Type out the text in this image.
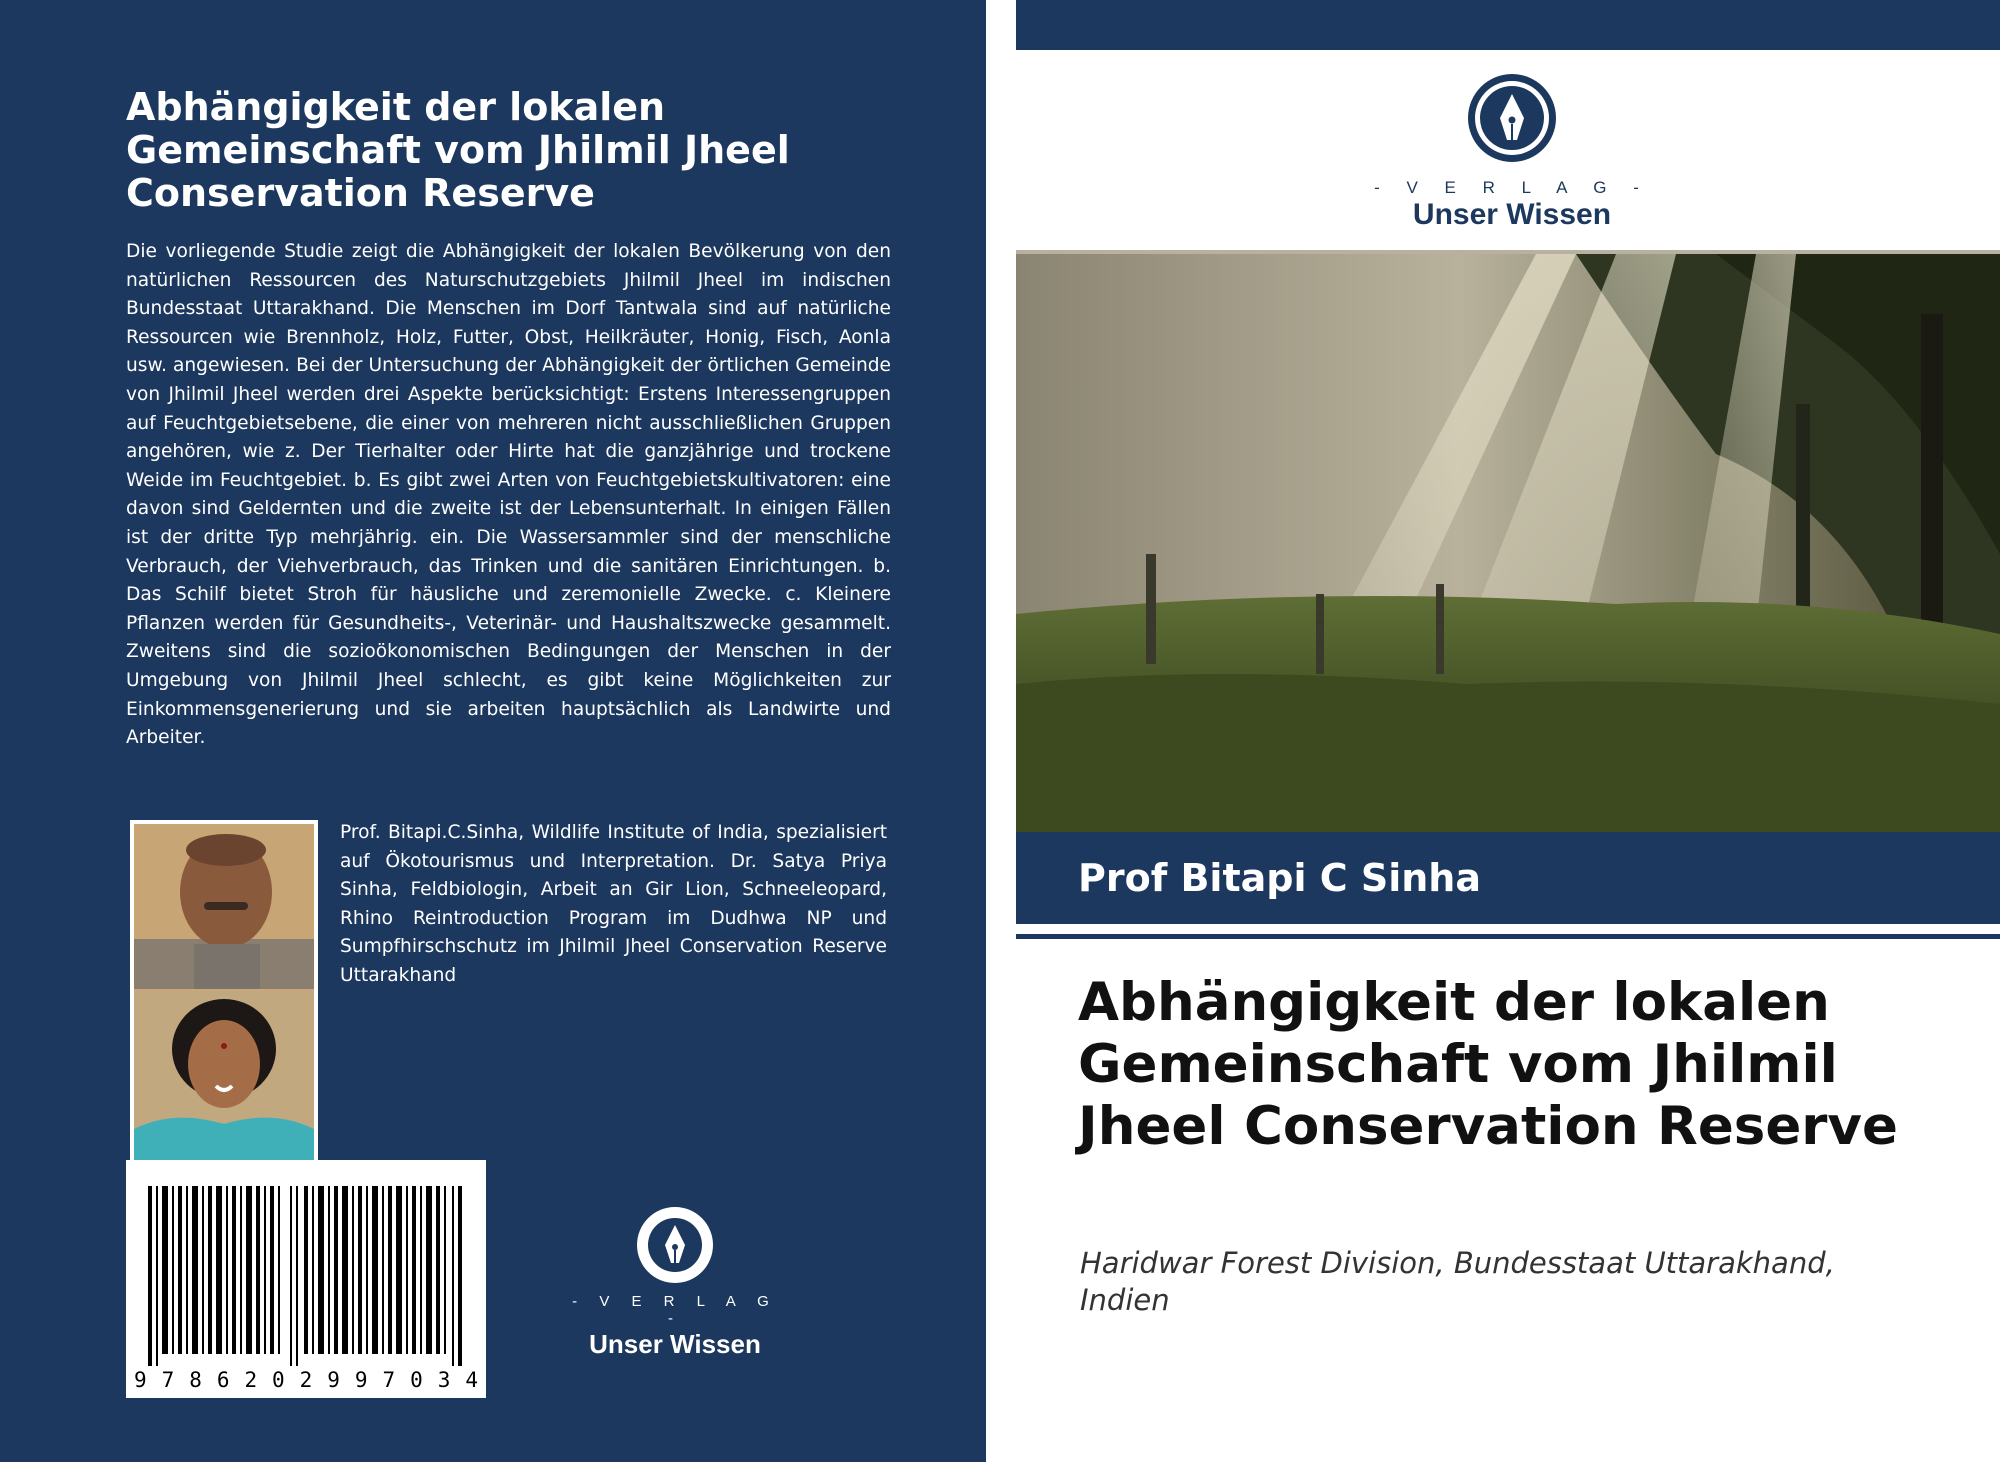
Abhängigkeit der lokalen Gemeinschaft vom Jhilmil Jheel Conservation Reserve

Die vorliegende Studie zeigt die Abhängigkeit der lokalen Bevölkerung von den natürlichen Ressourcen des Naturschutzgebiets Jhilmil Jheel im indischen Bundesstaat Uttarakhand. Die Menschen im Dorf Tantwala sind auf natürliche Ressourcen wie Brennholz, Holz, Futter, Obst, Heilkräuter, Honig, Fisch, Aonla usw. angewiesen. Bei der Untersuchung der Abhängigkeit der örtlichen Gemeinde von Jhilmil Jheel werden drei Aspekte berücksichtigt: Erstens Interessengruppen auf Feuchtgebietsebene, die einer von mehreren nicht ausschließlichen Gruppen angehören, wie z. Der Tierhalter oder Hirte hat die ganzjährige und trockene Weide im Feuchtgebiet. b. Es gibt zwei Arten von Feuchtgebietskultivatoren: eine davon sind Geldernten und die zweite ist der Lebensunterhalt. In einigen Fällen ist der dritte Typ mehrjährig. ein. Die Wassersammler sind der menschliche Verbrauch, der Viehverbrauch, das Trinken und die sanitären Einrichtungen. b. Das Schilf bietet Stroh für häusliche und zeremonielle Zwecke. c. Kleinere Pflanzen werden für Gesundheits-, Veterinär- und Haushaltszwecke gesammelt. Zweitens sind die sozioökonomischen Bedingungen der Menschen in der Umgebung von Jhilmil Jheel schlecht, es gibt keine Möglichkeiten zur Einkommensgenerierung und sie arbeiten hauptsächlich als Landwirte und Arbeiter.

Prof. Bitapi.C.Sinha, Wildlife Institute of India, spezialisiert auf Ökotourismus und Interpretation. Dr. Satya Priya Sinha, Feldbiologin, Arbeit an Gir Lion, Schneeleopard, Rhino Reintroduction Program im Dudhwa NP und Sumpfhirschschutz im Jhilmil Jheel Conservation Reserve Uttarakhand

9 7 8 6 2 0 2 9 9 7 0 3 4
- V E R L A G -
Unser Wissen
- V E R L A G -
Unser Wissen
Prof Bitapi C Sinha
Abhängigkeit der lokalen Gemeinschaft vom Jhilmil Jheel Conservation Reserve

Haridwar Forest Division, Bundesstaat Uttarakhand, Indien
